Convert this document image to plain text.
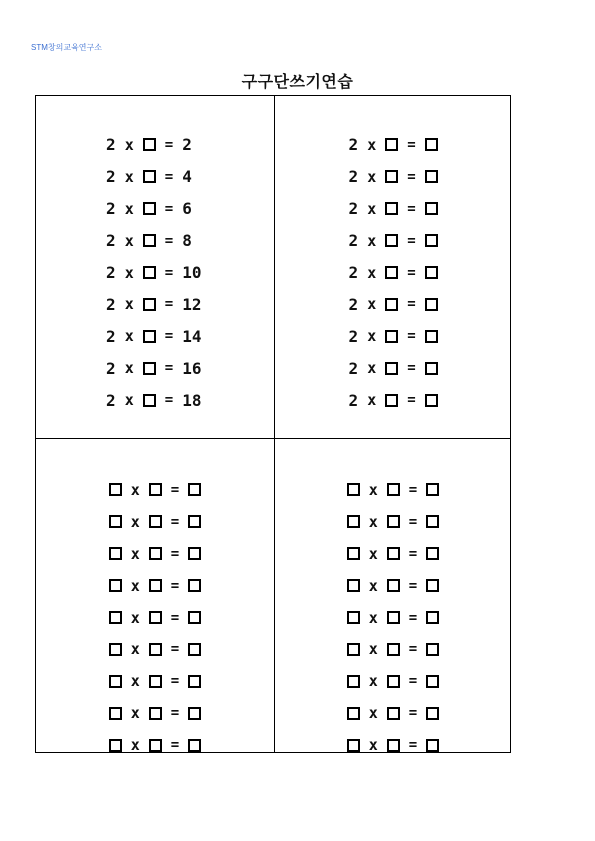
STM창의교육연구소
구구단쓰기연습
2 x = 2
2 x = 4
2 x = 6
2 x = 8
2 x = 10
2 x = 12
2 x = 14
2 x = 16
2 x = 18
2 x =
2 x =
2 x =
2 x =
2 x =
2 x =
2 x =
2 x =
2 x =
x =
x =
x =
x =
x =
x =
x =
x =
x =
x =
x =
x =
x =
x =
x =
x =
x =
x =
